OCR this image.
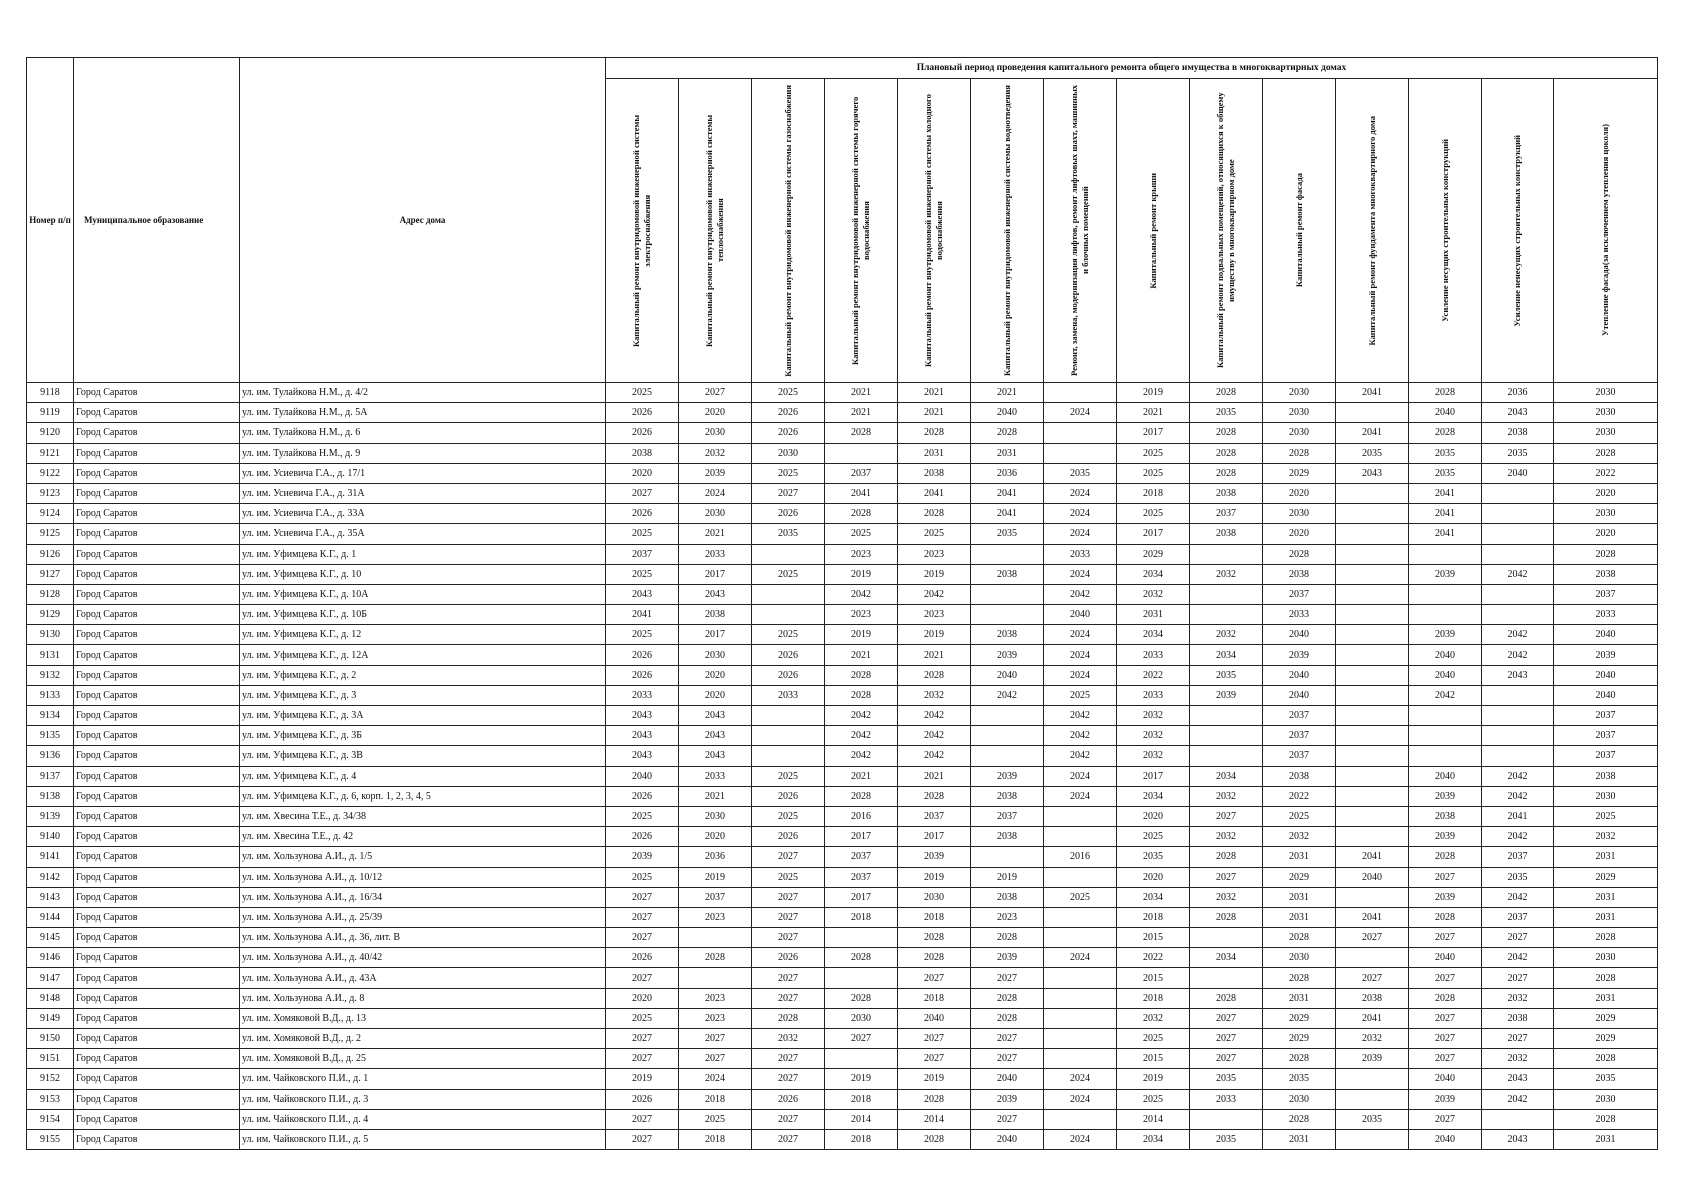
Номер п/п	Муниципальное образование	Адрес дома	Плановый период проведения капитального ремонта общего имущества в многоквартирных домах													

			Капитальный ремонт внутридомовой инженерной системы электроснабжения	Капитальный ремонт внутридомовой инженерной системы теплоснабжения	Капитальный ремонт внутридомовой инженерной системы газоснабжения	Капитальный ремонт внутридомовой инженерной системы горячего водоснабжения	Капитальный ремонт внутридомовой инженерной системы холодного водоснабжения	Капитальный ремонт внутридомовой инженерной системы водоотведения	Ремонт, замена, модернизация лифтов, ремонт лифтовых шахт, машинных и блочных помещений	Капитальный ремонт крыши	Капитальный ремонт подвальных помещений, относящихся к общему имуществу в многоквартирном доме	Капитальный ремонт фасада	Капитальный ремонт фундамента многоквартирного дома	Усиление несущих строительных конструкций	Усиление ненесущих строительных конструкций	Утепление фасада(за исключением утепления цоколя)

9118	Город Саратов	ул. им. Тулайкова Н.М., д. 4/2	2025	2027	2025	2021	2021	2021		2019	2028	2030	2041	2028	2036	2030
9119	Город Саратов	ул. им. Тулайкова Н.М., д. 5А	2026	2020	2026	2021	2021	2040	2024	2021	2035	2030		2040	2043	2030
9120	Город Саратов	ул. им. Тулайкова Н.М., д. 6	2026	2030	2026	2028	2028	2028		2017	2028	2030	2041	2028	2038	2030
9121	Город Саратов	ул. им. Тулайкова Н.М., д. 9	2038	2032	2030		2031	2031		2025	2028	2028	2035	2035	2035	2028
9122	Город Саратов	ул. им. Усиевича Г.А., д. 17/1	2020	2039	2025	2037	2038	2036	2035	2025	2028	2029	2043	2035	2040	2022
9123	Город Саратов	ул. им. Усиевича Г.А., д. 31А	2027	2024	2027	2041	2041	2041	2024	2018	2038	2020		2041		2020
9124	Город Саратов	ул. им. Усиевича Г.А., д. 33А	2026	2030	2026	2028	2028	2041	2024	2025	2037	2030		2041		2030
9125	Город Саратов	ул. им. Усиевича Г.А., д. 35А	2025	2021	2035	2025	2025	2035	2024	2017	2038	2020		2041		2020
9126	Город Саратов	ул. им. Уфимцева К.Г., д. 1	2037	2033		2023	2023		2033	2029		2028				2028
9127	Город Саратов	ул. им. Уфимцева К.Г., д. 10	2025	2017	2025	2019	2019	2038	2024	2034	2032	2038		2039	2042	2038
9128	Город Саратов	ул. им. Уфимцева К.Г., д. 10А	2043	2043		2042	2042		2042	2032		2037				2037
9129	Город Саратов	ул. им. Уфимцева К.Г., д. 10Б	2041	2038		2023	2023		2040	2031		2033				2033
9130	Город Саратов	ул. им. Уфимцева К.Г., д. 12	2025	2017	2025	2019	2019	2038	2024	2034	2032	2040		2039	2042	2040
9131	Город Саратов	ул. им. Уфимцева К.Г., д. 12А	2026	2030	2026	2021	2021	2039	2024	2033	2034	2039		2040	2042	2039
9132	Город Саратов	ул. им. Уфимцева К.Г., д. 2	2026	2020	2026	2028	2028	2040	2024	2022	2035	2040		2040	2043	2040
9133	Город Саратов	ул. им. Уфимцева К.Г., д. 3	2033	2020	2033	2028	2032	2042	2025	2033	2039	2040		2042		2040
9134	Город Саратов	ул. им. Уфимцева К.Г., д. 3А	2043	2043		2042	2042		2042	2032		2037				2037
9135	Город Саратов	ул. им. Уфимцева К.Г., д. 3Б	2043	2043		2042	2042		2042	2032		2037				2037
9136	Город Саратов	ул. им. Уфимцева К.Г., д. 3В	2043	2043		2042	2042		2042	2032		2037				2037
9137	Город Саратов	ул. им. Уфимцева К.Г., д. 4	2040	2033	2025	2021	2021	2039	2024	2017	2034	2038		2040	2042	2038
9138	Город Саратов	ул. им. Уфимцева К.Г., д. 6, корп. 1, 2, 3, 4, 5	2026	2021	2026	2028	2028	2038	2024	2034	2032	2022		2039	2042	2030
9139	Город Саратов	ул. им. Хвесина Т.Е., д. 34/38	2025	2030	2025	2016	2037	2037		2020	2027	2025		2038	2041	2025
9140	Город Саратов	ул. им. Хвесина Т.Е., д. 42	2026	2020	2026	2017	2017	2038		2025	2032	2032		2039	2042	2032
9141	Город Саратов	ул. им. Хользунова А.И., д. 1/5	2039	2036	2027	2037	2039		2016	2035	2028	2031	2041	2028	2037	2031
9142	Город Саратов	ул. им. Хользунова А.И., д. 10/12	2025	2019	2025	2037	2019	2019		2020	2027	2029	2040	2027	2035	2029
9143	Город Саратов	ул. им. Хользунова А.И., д. 16/34	2027	2037	2027	2017	2030	2038	2025	2034	2032	2031		2039	2042	2031
9144	Город Саратов	ул. им. Хользунова А.И., д. 25/39	2027	2023	2027	2018	2018	2023		2018	2028	2031	2041	2028	2037	2031
9145	Город Саратов	ул. им. Хользунова А.И., д. 36, лит. В	2027		2027		2028	2028		2015		2028	2027	2027	2027	2028
9146	Город Саратов	ул. им. Хользунова А.И., д. 40/42	2026	2028	2026	2028	2028	2039	2024	2022	2034	2030		2040	2042	2030
9147	Город Саратов	ул. им. Хользунова А.И., д. 43А	2027		2027		2027	2027		2015		2028	2027	2027	2027	2028
9148	Город Саратов	ул. им. Хользунова А.И., д. 8	2020	2023	2027	2028	2018	2028		2018	2028	2031	2038	2028	2032	2031
9149	Город Саратов	ул. им. Хомяковой В.Д., д. 13	2025	2023	2028	2030	2040	2028		2032	2027	2029	2041	2027	2038	2029
9150	Город Саратов	ул. им. Хомяковой В.Д., д. 2	2027	2027	2032	2027	2027	2027		2025	2027	2029	2032	2027	2027	2029
9151	Город Саратов	ул. им. Хомяковой В.Д., д. 25	2027	2027	2027		2027	2027		2015	2027	2028	2039	2027	2032	2028
9152	Город Саратов	ул. им. Чайковского П.И., д. 1	2019	2024	2027	2019	2019	2040	2024	2019	2035	2035		2040	2043	2035
9153	Город Саратов	ул. им. Чайковского П.И., д. 3	2026	2018	2026	2018	2028	2039	2024	2025	2033	2030		2039	2042	2030
9154	Город Саратов	ул. им. Чайковского П.И., д. 4	2027	2025	2027	2014	2014	2027		2014		2028	2035	2027		2028
9155	Город Саратов	ул. им. Чайковского П.И., д. 5	2027	2018	2027	2018	2028	2040	2024	2034	2035	2031		2040	2043	2031
